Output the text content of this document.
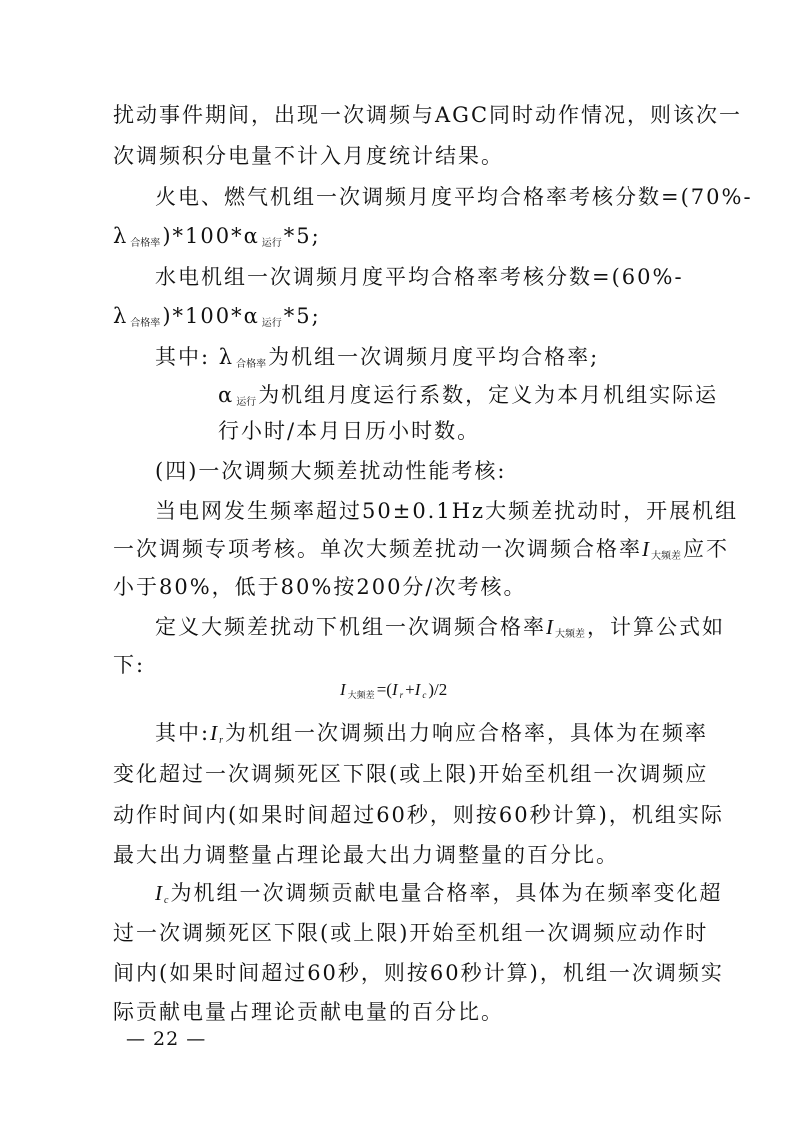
扰动事件期间，出现一次调频与AGC同时动作情况，则该次一
次调频积分电量不计入月度统计结果。
火电、燃气机组一次调频月度平均合格率考核分数=(70%-
λ $_{合格率}$)*100*α $_{运行}$*5;
水电机组一次调频月度平均合格率考核分数=(60%-
λ $_{合格率}$)*100*α $_{运行}$*5;
其中: λ $_{合格率}$为机组一次调频月度平均合格率;
α $_{运行}$为机组月度运行系数，定义为本月机组实际运
行小时/本月日历小时数。
(四)一次调频大频差扰动性能考核:
当电网发生频率超过50±0.1Hz大频差扰动时，开展机组
一次调频专项考核。单次大频差扰动一次调频合格率I $_{大频差}$应不
小于80%，低于80%按200分/次考核。
定义大频差扰动下机组一次调频合格率I $_{大频差}$，计算公式如
下:
I $_{大频差}$ =(I $_r$ +I $_c$ )/2
其中:I $_r$为机组一次调频出力响应合格率，具体为在频率
变化超过一次调频死区下限(或上限)开始至机组一次调频应
动作时间内(如果时间超过60秒，则按60秒计算)，机组实际
最大出力调整量占理论最大出力调整量的百分比。
I $_c$为机组一次调频贡献电量合格率，具体为在频率变化超
过一次调频死区下限(或上限)开始至机组一次调频应动作时
间内(如果时间超过60秒，则按60秒计算)，机组一次调频实
际贡献电量占理论贡献电量的百分比。
— 22 —
